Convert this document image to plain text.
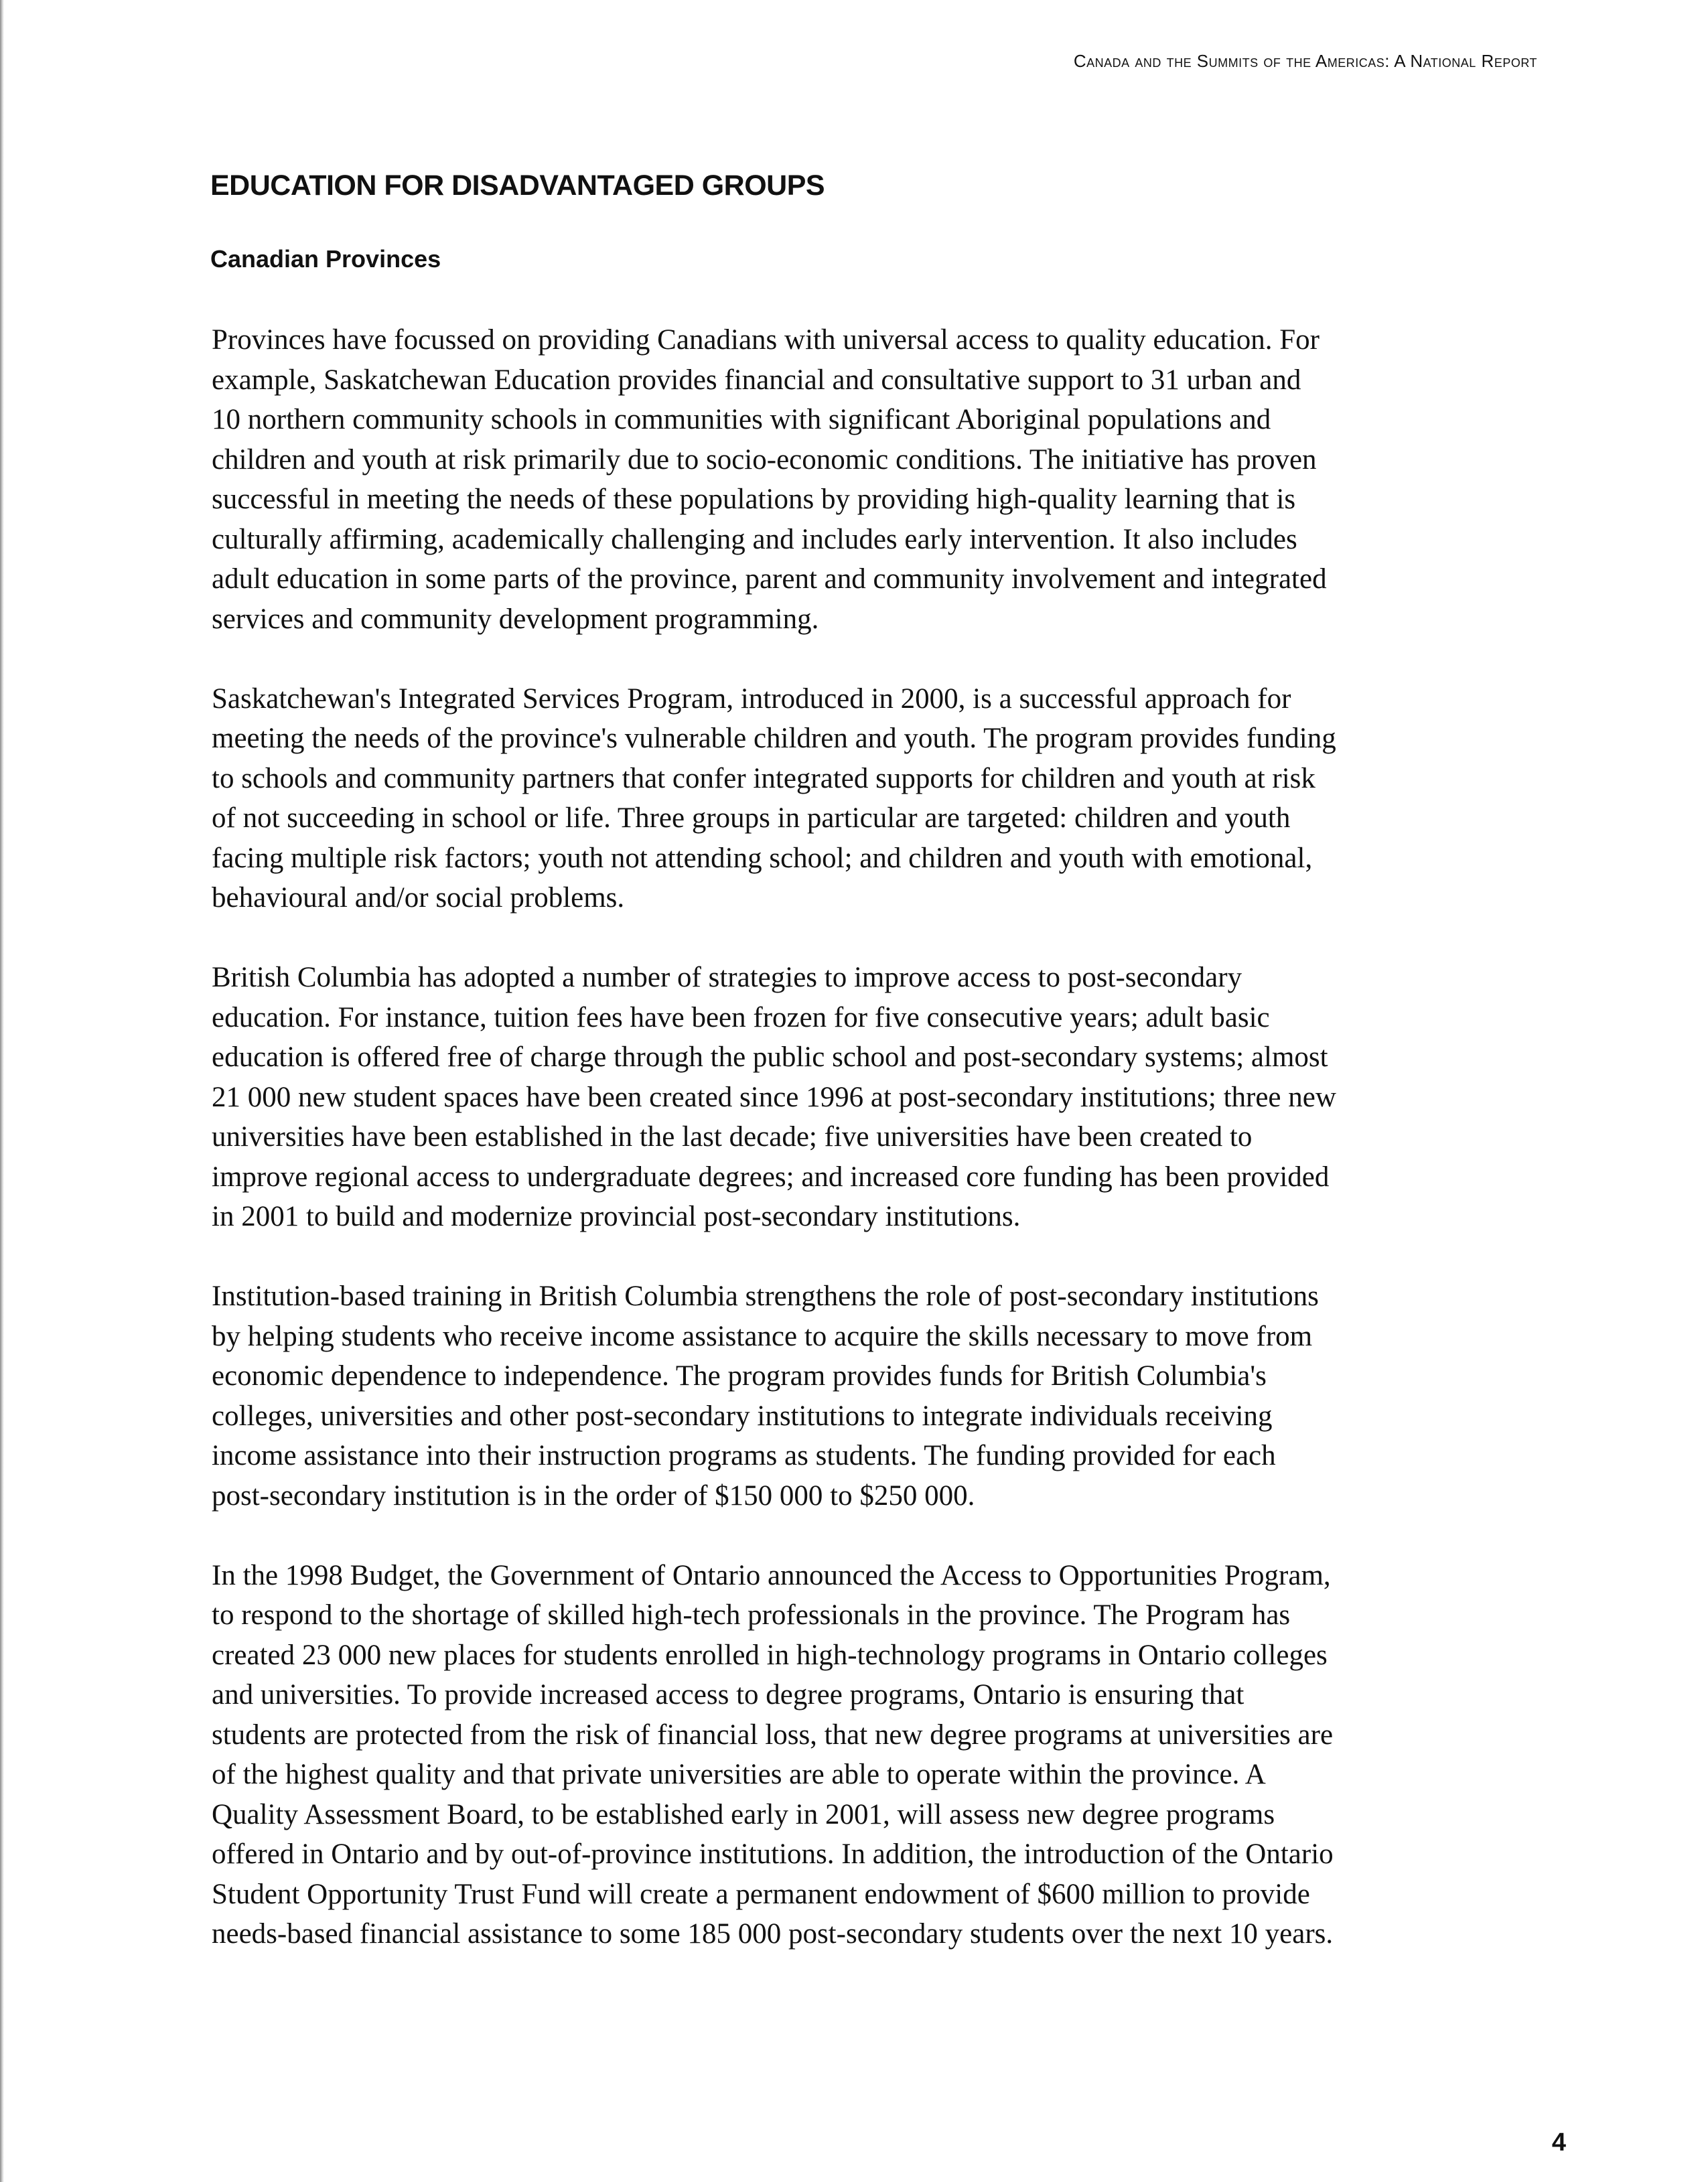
Canada and the Summits of the Americas: A National Report
EDUCATION FOR DISADVANTAGED GROUPS
Canadian Provinces

Provinces have focussed on providing Canadians with universal access to quality education. For
example, Saskatchewan Education provides financial and consultative support to 31 urban and
10 northern community schools in communities with significant Aboriginal populations and
children and youth at risk primarily due to socio-economic conditions. The initiative has proven
successful in meeting the needs of these populations by providing high-quality learning that is
culturally affirming, academically challenging and includes early intervention. It also includes
adult education in some parts of the province, parent and community involvement and integrated
services and community development programming.

Saskatchewan's Integrated Services Program, introduced in 2000, is a successful approach for
meeting the needs of the province's vulnerable children and youth. The program provides funding
to schools and community partners that confer integrated supports for children and youth at risk
of not succeeding in school or life. Three groups in particular are targeted: children and youth
facing multiple risk factors; youth not attending school; and children and youth with emotional,
behavioural and/or social problems.

British Columbia has adopted a number of strategies to improve access to post-secondary
education. For instance, tuition fees have been frozen for five consecutive years; adult basic
education is offered free of charge through the public school and post-secondary systems; almost
21 000 new student spaces have been created since 1996 at post-secondary institutions; three new
universities have been established in the last decade; five universities have been created to
improve regional access to undergraduate degrees; and increased core funding has been provided
in 2001 to build and modernize provincial post-secondary institutions.

Institution-based training in British Columbia strengthens the role of post-secondary institutions
by helping students who receive income assistance to acquire the skills necessary to move from
economic dependence to independence. The program provides funds for British Columbia's
colleges, universities and other post-secondary institutions to integrate individuals receiving
income assistance into their instruction programs as students. The funding provided for each
post-secondary institution is in the order of $150 000 to $250 000.

In the 1998 Budget, the Government of Ontario announced the Access to Opportunities Program,
to respond to the shortage of skilled high-tech professionals in the province. The Program has
created 23 000 new places for students enrolled in high-technology programs in Ontario colleges
and universities. To provide increased access to degree programs, Ontario is ensuring that
students are protected from the risk of financial loss, that new degree programs at universities are
of the highest quality and that private universities are able to operate within the province. A
Quality Assessment Board, to be established early in 2001, will assess new degree programs
offered in Ontario and by out-of-province institutions. In addition, the introduction of the Ontario
Student Opportunity Trust Fund will create a permanent endowment of $600 million to provide
needs-based financial assistance to some 185 000 post-secondary students over the next 10 years.

4
